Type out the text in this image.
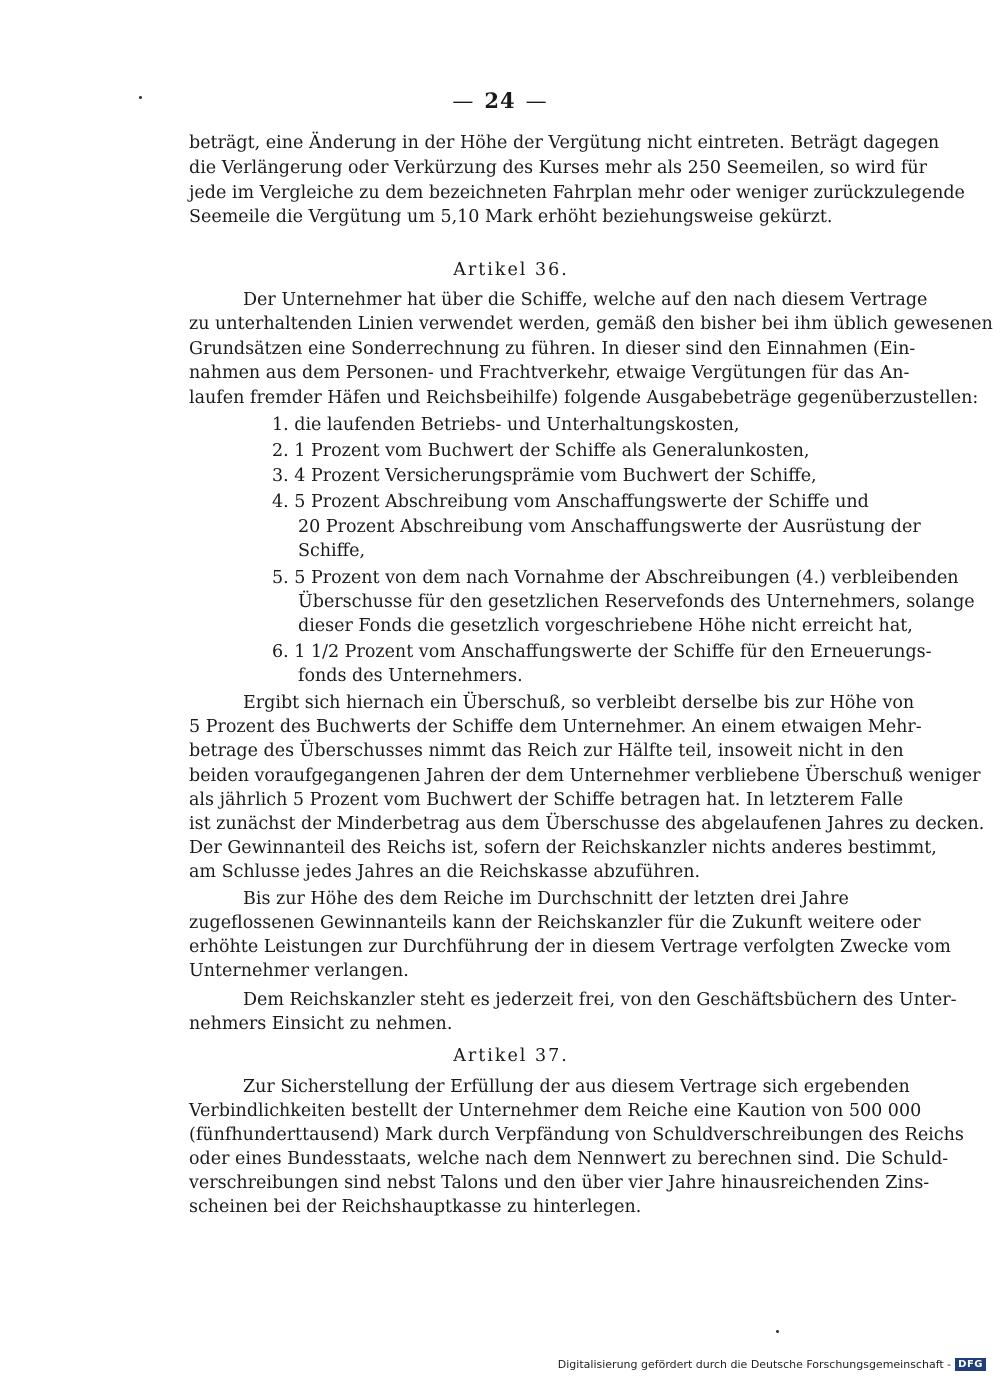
— 24 —
beträgt, eine Änderung in der Höhe der Vergütung nicht eintreten. Beträgt dagegen
die Verlängerung oder Verkürzung des Kurses mehr als 250 Seemeilen, so wird für
jede im Vergleiche zu dem bezeichneten Fahrplan mehr oder weniger zurückzulegende
Seemeile die Vergütung um 5,10 Mark erhöht beziehungsweise gekürzt.
Artikel 36.
Der Unternehmer hat über die Schiffe, welche auf den nach diesem Vertrage
zu unterhaltenden Linien verwendet werden, gemäß den bisher bei ihm üblich gewesenen
Grundsätzen eine Sonderrechnung zu führen. In dieser sind den Einnahmen (Ein-
nahmen aus dem Personen- und Frachtverkehr, etwaige Vergütungen für das An-
laufen fremder Häfen und Reichsbeihilfe) folgende Ausgabebeträge gegenüberzustellen:
1. die laufenden Betriebs- und Unterhaltungskosten,
2. 1 Prozent vom Buchwert der Schiffe als Generalunkosten,
3. 4 Prozent Versicherungsprämie vom Buchwert der Schiffe,
4. 5 Prozent Abschreibung vom Anschaffungswerte der Schiffe und
20 Prozent Abschreibung vom Anschaffungswerte der Ausrüstung der
Schiffe,
5. 5 Prozent von dem nach Vornahme der Abschreibungen (4.) verbleibenden
Überschusse für den gesetzlichen Reservefonds des Unternehmers, solange
dieser Fonds die gesetzlich vorgeschriebene Höhe nicht erreicht hat,
6. 1 1/2 Prozent vom Anschaffungswerte der Schiffe für den Erneuerungs-
fonds des Unternehmers.
Ergibt sich hiernach ein Überschuß, so verbleibt derselbe bis zur Höhe von
5 Prozent des Buchwerts der Schiffe dem Unternehmer. An einem etwaigen Mehr-
betrage des Überschusses nimmt das Reich zur Hälfte teil, insoweit nicht in den
beiden voraufgegangenen Jahren der dem Unternehmer verbliebene Überschuß weniger
als jährlich 5 Prozent vom Buchwert der Schiffe betragen hat. In letzterem Falle
ist zunächst der Minderbetrag aus dem Überschusse des abgelaufenen Jahres zu decken.
Der Gewinnanteil des Reichs ist, sofern der Reichskanzler nichts anderes bestimmt,
am Schlusse jedes Jahres an die Reichskasse abzuführen.
Bis zur Höhe des dem Reiche im Durchschnitt der letzten drei Jahre
zugeflossenen Gewinnanteils kann der Reichskanzler für die Zukunft weitere oder
erhöhte Leistungen zur Durchführung der in diesem Vertrage verfolgten Zwecke vom
Unternehmer verlangen.
Dem Reichskanzler steht es jederzeit frei, von den Geschäftsbüchern des Unter-
nehmers Einsicht zu nehmen.
Artikel 37.
Zur Sicherstellung der Erfüllung der aus diesem Vertrage sich ergebenden
Verbindlichkeiten bestellt der Unternehmer dem Reiche eine Kaution von 500 000
(fünfhunderttausend) Mark durch Verpfändung von Schuldverschreibungen des Reichs
oder eines Bundesstaats, welche nach dem Nennwert zu berechnen sind. Die Schuld-
verschreibungen sind nebst Talons und den über vier Jahre hinausreichenden Zins-
scheinen bei der Reichshauptkasse zu hinterlegen.
Digitalisierung gefördert durch die Deutsche Forschungsgemeinschaft - DFG
